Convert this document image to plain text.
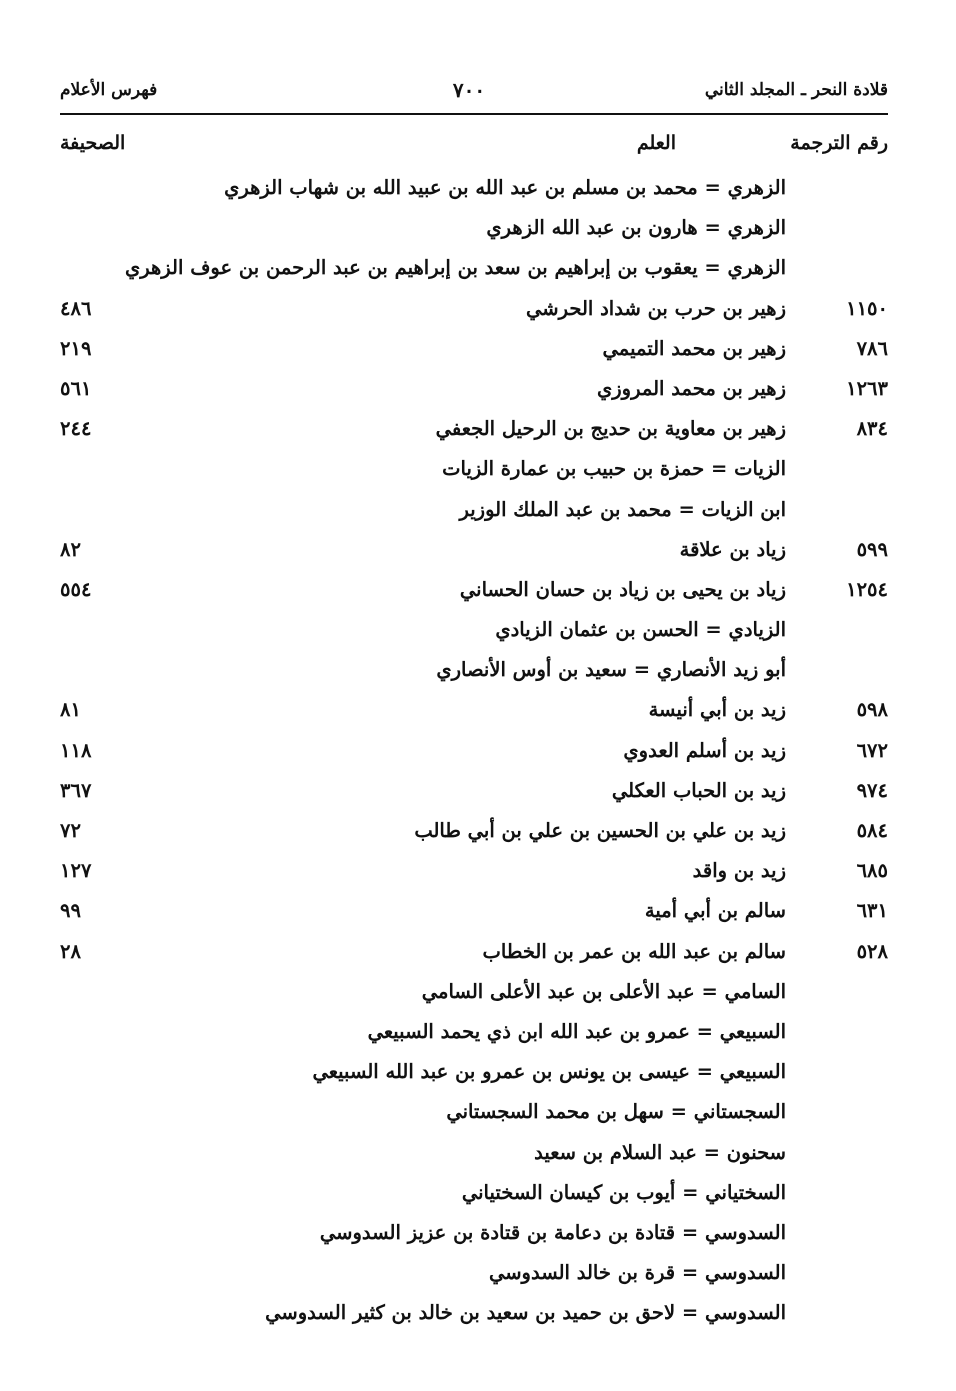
قلادة النحر ـ المجلد الثاني
٧٠٠
فهرس الأعلام
رقم الترجمة
العلم
الصحيفة
الزهري = محمد بن مسلم بن عبد الله بن عبيد الله بن شهاب الزهري
الزهري = هارون بن عبد الله الزهري
الزهري = يعقوب بن إبراهيم بن سعد بن إبراهيم بن عبد الرحمن بن عوف الزهري
١١٥٠
زهير بن حرب بن شداد الحرشي
٤٨٦
٧٨٦
زهير بن محمد التميمي
٢١٩
١٢٦٣
زهير بن محمد المروزي
٥٦١
٨٣٤
زهير بن معاوية بن حديج بن الرحيل الجعفي
٢٤٤
الزيات = حمزة بن حبيب بن عمارة الزيات
ابن الزيات = محمد بن عبد الملك الوزير
٥٩٩
زياد بن علاقة
٨٢
١٢٥٤
زياد بن يحيى بن زياد بن حسان الحساني
٥٥٤
الزيادي = الحسن بن عثمان الزيادي
أبو زيد الأنصاري = سعيد بن أوس الأنصاري
٥٩٨
زيد بن أبي أنيسة
٨١
٦٧٢
زيد بن أسلم العدوي
١١٨
٩٧٤
زيد بن الحباب العكلي
٣٦٧
٥٨٤
زيد بن علي بن الحسين بن علي بن أبي طالب
٧٢
٦٨٥
زيد بن واقد
١٢٧
٦٣١
سالم بن أبي أمية
٩٩
٥٢٨
سالم بن عبد الله بن عمر بن الخطاب
٢٨
السامي = عبد الأعلى بن عبد الأعلى السامي
السبيعي = عمرو بن عبد الله ابن ذي يحمد السبيعي
السبيعي = عيسى بن يونس بن عمرو بن عبد الله السبيعي
السجستاني = سهل بن محمد السجستاني
سحنون = عبد السلام بن سعيد
السختياني = أيوب بن كيسان السختياني
السدوسي = قتادة بن دعامة بن قتادة بن عزيز السدوسي
السدوسي = قرة بن خالد السدوسي
السدوسي = لاحق بن حميد بن سعيد بن خالد بن كثير السدوسي
